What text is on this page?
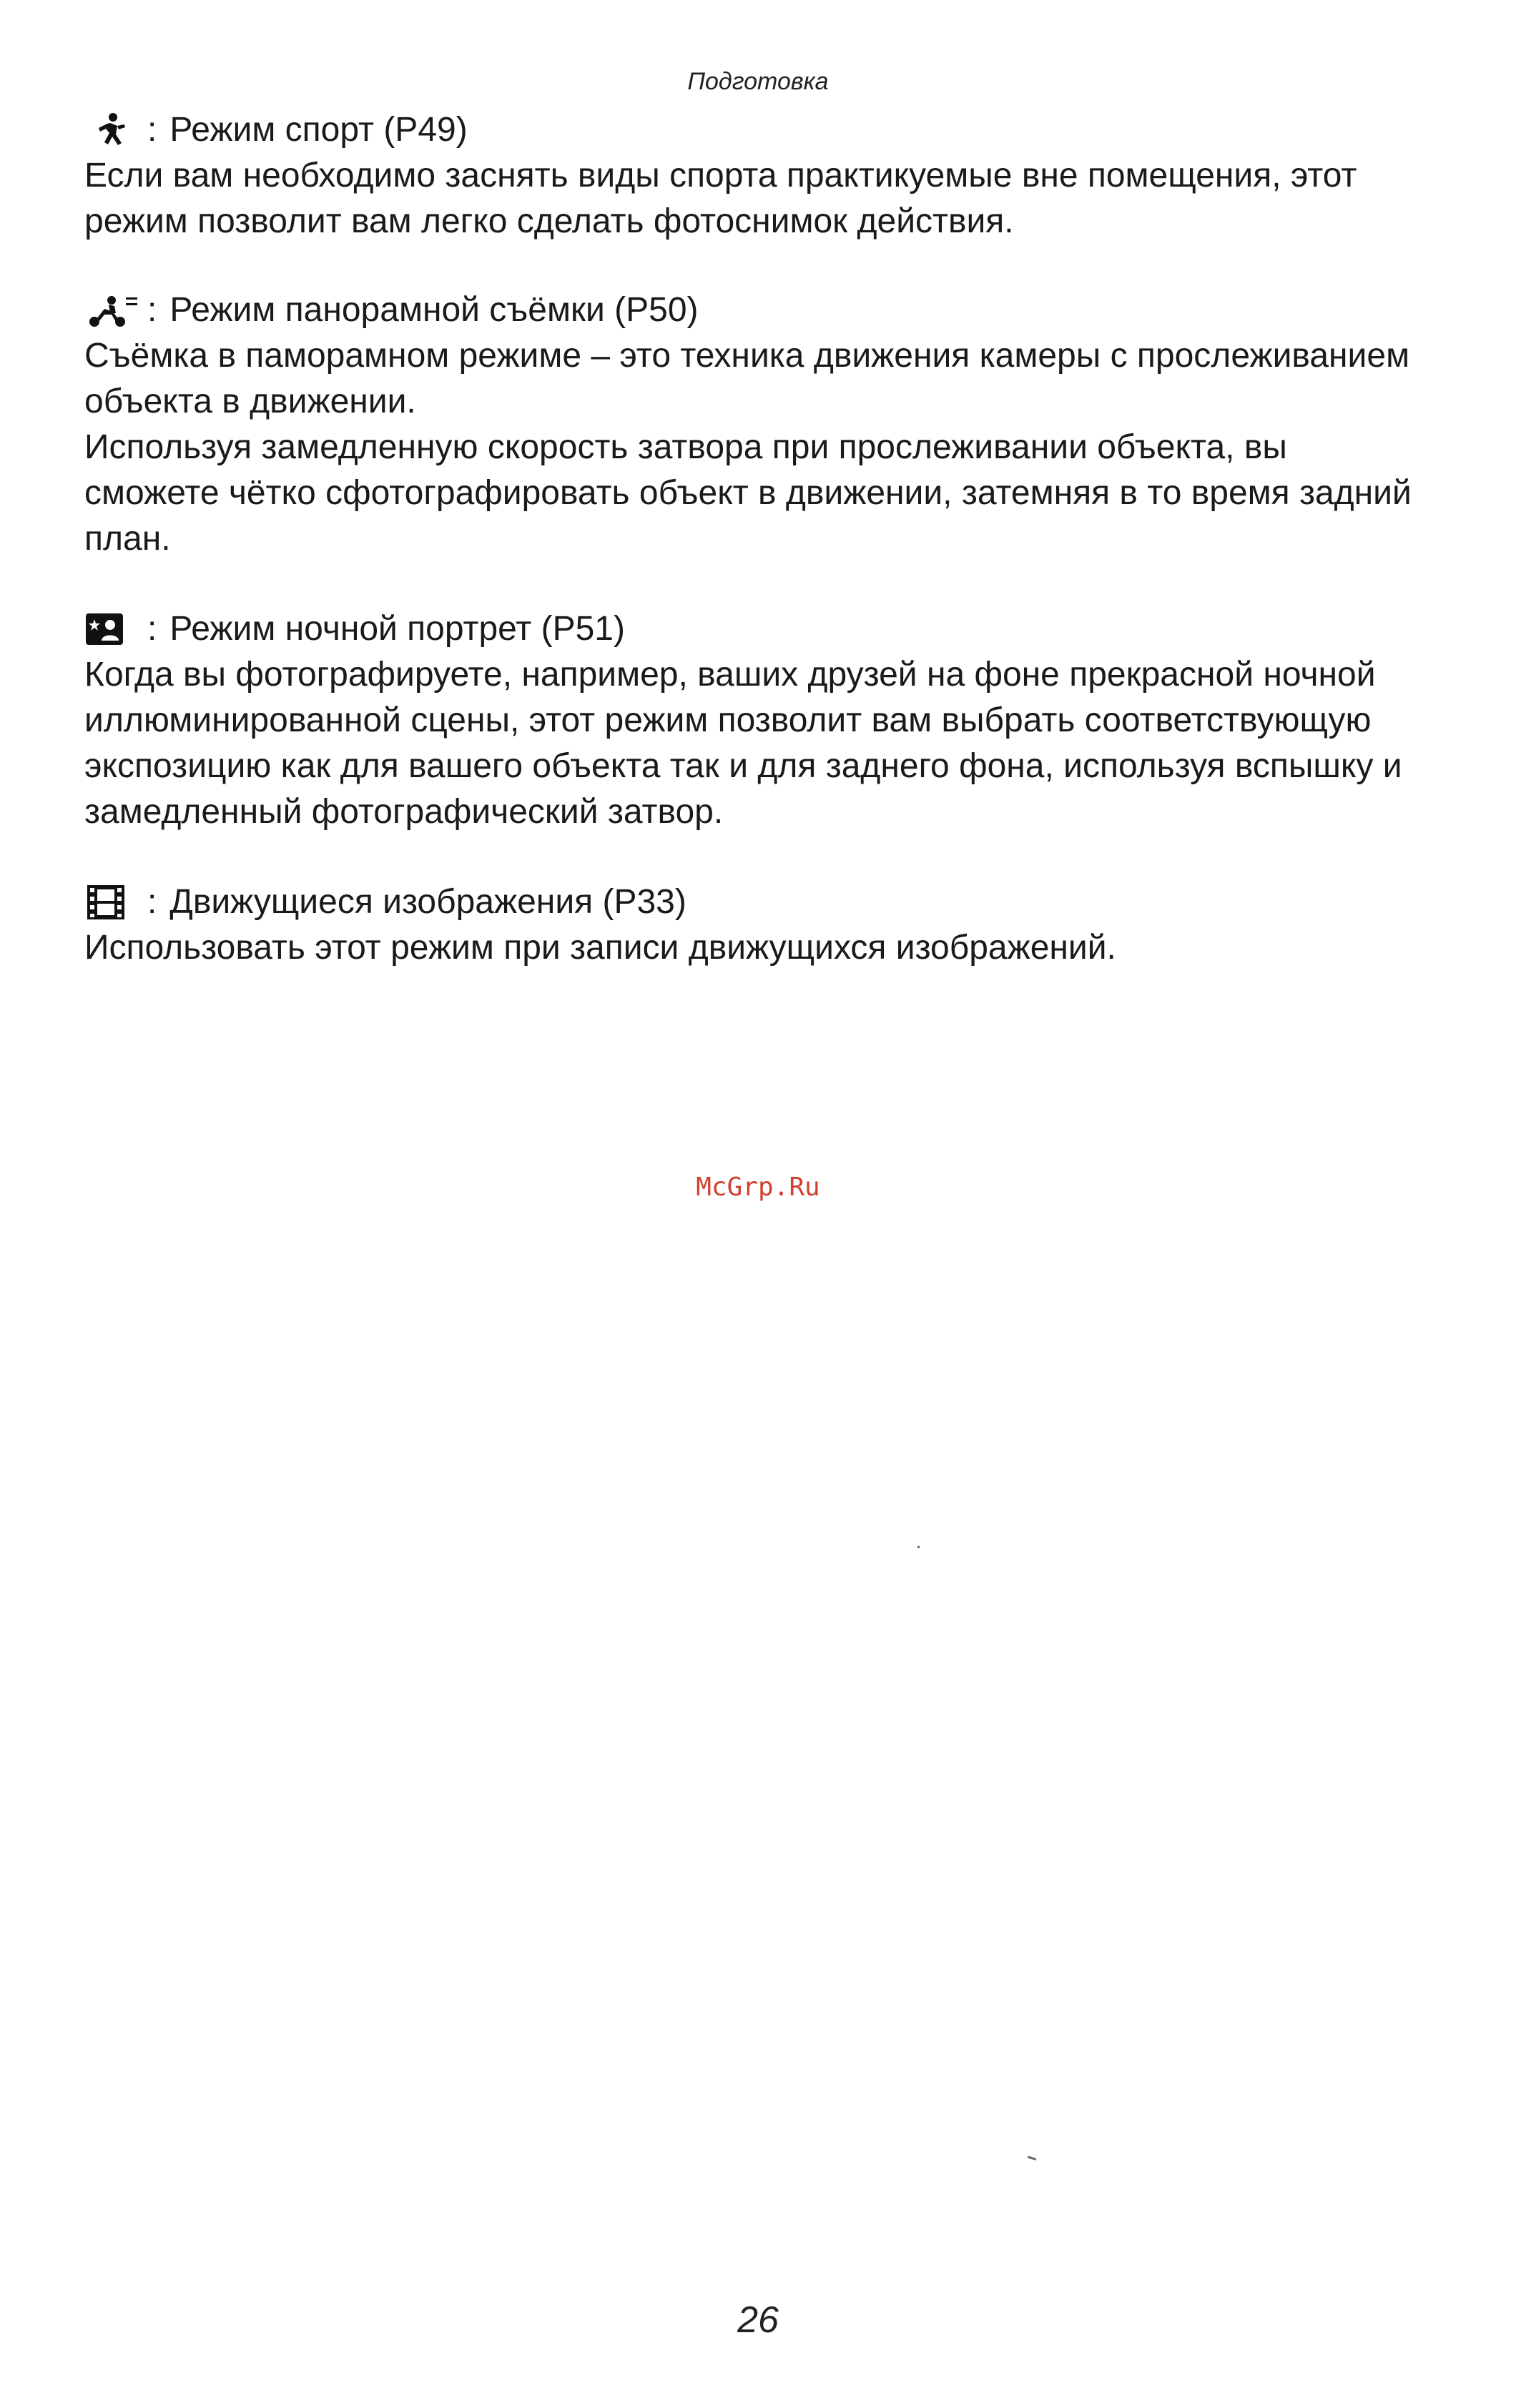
Подготовка
: Режим спорт (P49)

Если вам необходимо заснять виды спорта практикуемые вне помещения, этот режим позволит вам легко сделать фотоснимок действия.

: Режим панорамной съёмки (P50)

Съёмка в паморамном режиме – это техника движения камеры с прослеживанием объекта в движении.

Используя замедленную скорость затвора при прослеживании объекта, вы сможете чётко сфотографировать объект в движении, затемняя в то время задний план.

: Режим ночной портрет (P51)

Когда вы фотографируете, например, ваших друзей на фоне прекрасной ночной иллюминированной сцены, этот режим позволит вам выбрать соответствующую экспозицию как для вашего объекта так и для заднего фона, используя вспышку и замедленный фотографический затвор.

: Движущиеся изображения (P33)

Использовать этот режим при записи движущихся изображений.

McGrp.Ru
26
